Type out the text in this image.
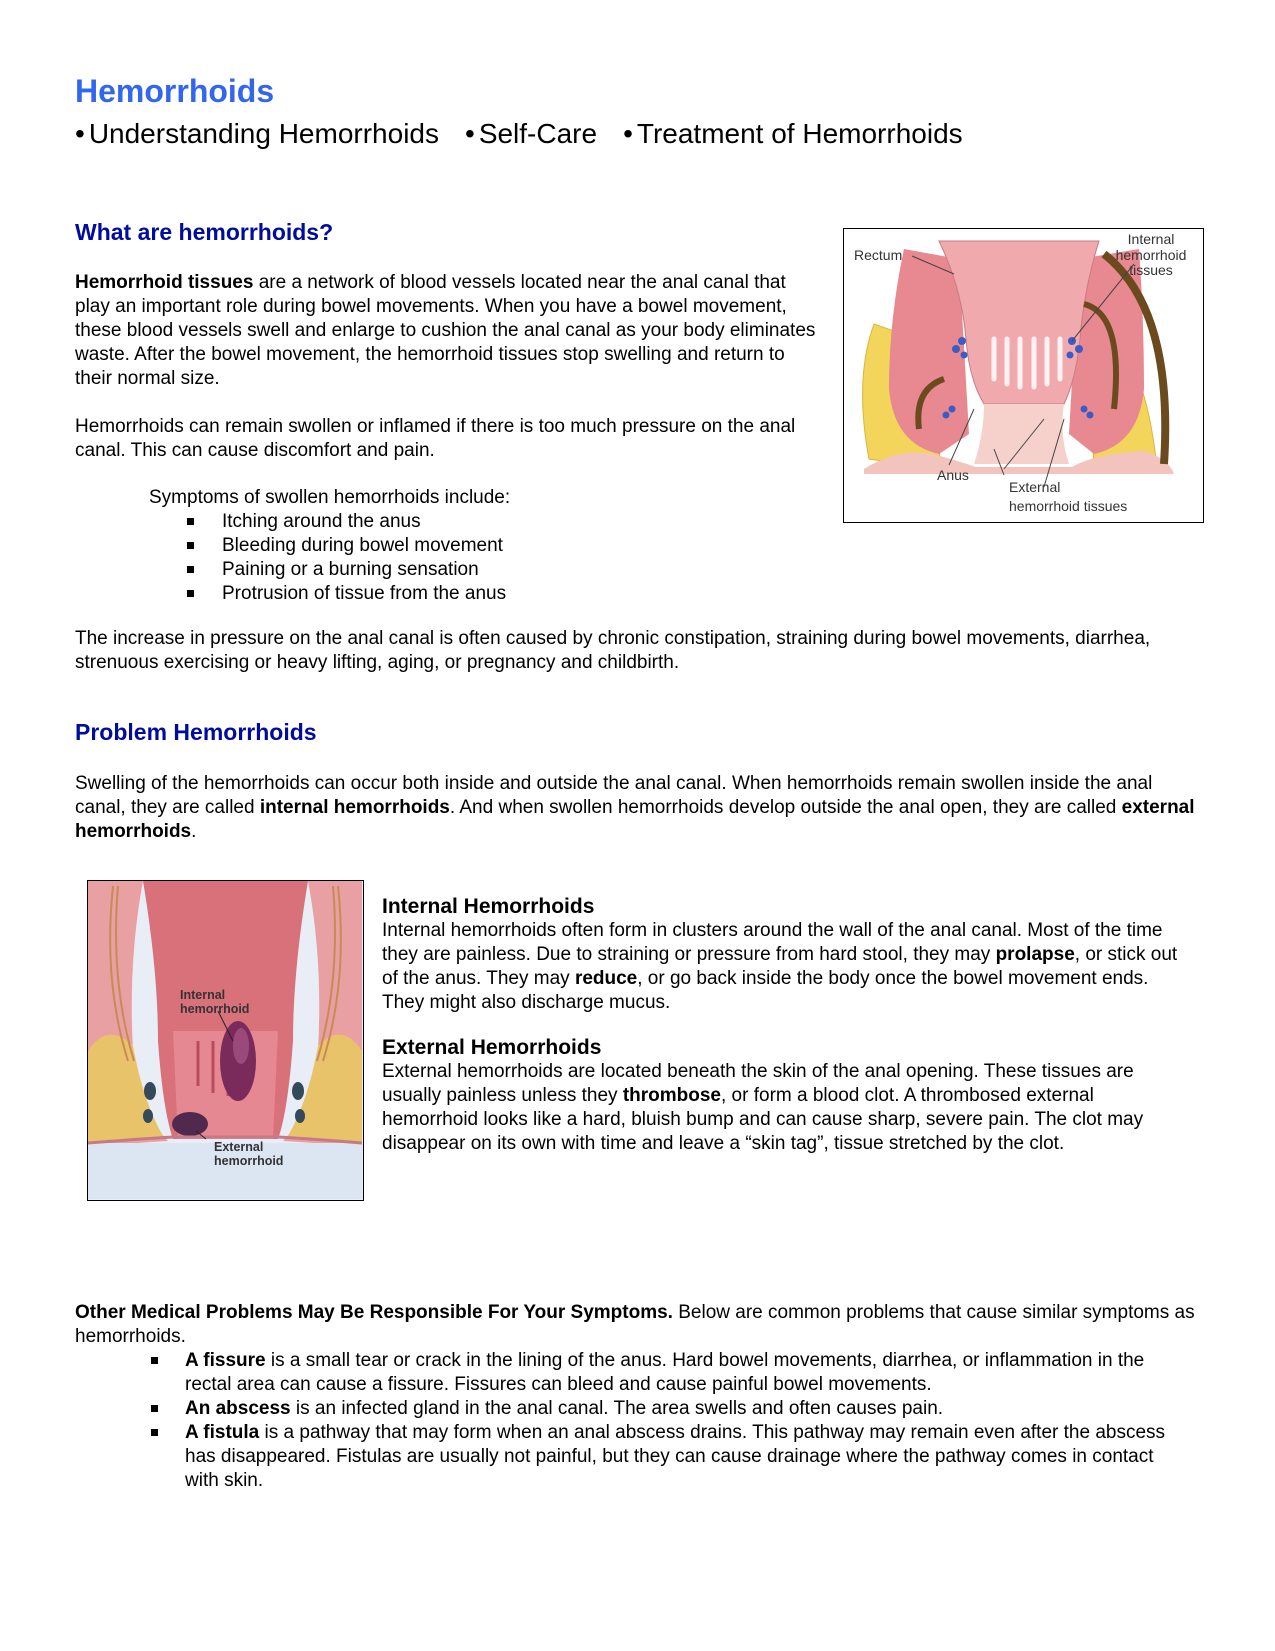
Hemorrhoids
• Understanding Hemorrhoids • Self-Care • Treatment of Hemorrhoids
What are hemorrhoids?

Hemorrhoid tissues are a network of blood vessels located near the anal canal that play an important role during bowel movements. When you have a bowel movement, these blood vessels swell and enlarge to cushion the anal canal as your body eliminates waste. After the bowel movement, the hemorrhoid tissues stop swelling and return to their normal size.

Hemorrhoids can remain swollen or inflamed if there is too much pressure on the anal canal. This can cause discomfort and pain.

Symptoms of swollen hemorrhoids include:

Itching around the anus
Bleeding during bowel movement
Paining or a burning sensation
Protrusion of tissue from the anus

The increase in pressure on the anal canal is often caused by chronic constipation, straining during bowel movements, diarrhea, strenuous exercising or heavy lifting, aging, or pregnancy and childbirth.

Rectum
Internal
hemorrhoid
tissues
Anus
External
hemorrhoid tissues
Problem Hemorrhoids

Swelling of the hemorrhoids can occur both inside and outside the anal canal. When hemorrhoids remain swollen inside the anal canal, they are called internal hemorrhoids. And when swollen hemorrhoids develop outside the anal open, they are called external hemorrhoids.

Internal
hemorrhoid
External
hemorrhoid
Internal Hemorrhoids

Internal hemorrhoids often form in clusters around the wall of the anal canal. Most of the time they are painless. Due to straining or pressure from hard stool, they may prolapse, or stick out of the anus. They may reduce, or go back inside the body once the bowel movement ends. They might also discharge mucus.

External Hemorrhoids

External hemorrhoids are located beneath the skin of the anal opening. These tissues are usually painless unless they thrombose, or form a blood clot. A thrombosed external hemorrhoid looks like a hard, bluish bump and can cause sharp, severe pain. The clot may disappear on its own with time and leave a “skin tag”, tissue stretched by the clot.

Other Medical Problems May Be Responsible For Your Symptoms. Below are common problems that cause similar symptoms as hemorrhoids.

A fissure is a small tear or crack in the lining of the anus. Hard bowel movements, diarrhea, or inflammation in the rectal area can cause a fissure. Fissures can bleed and cause painful bowel movements.
An abscess is an infected gland in the anal canal. The area swells and often causes pain.
A fistula is a pathway that may form when an anal abscess drains. This pathway may remain even after the abscess has disappeared. Fistulas are usually not painful, but they can cause drainage where the pathway comes in contact with skin.
